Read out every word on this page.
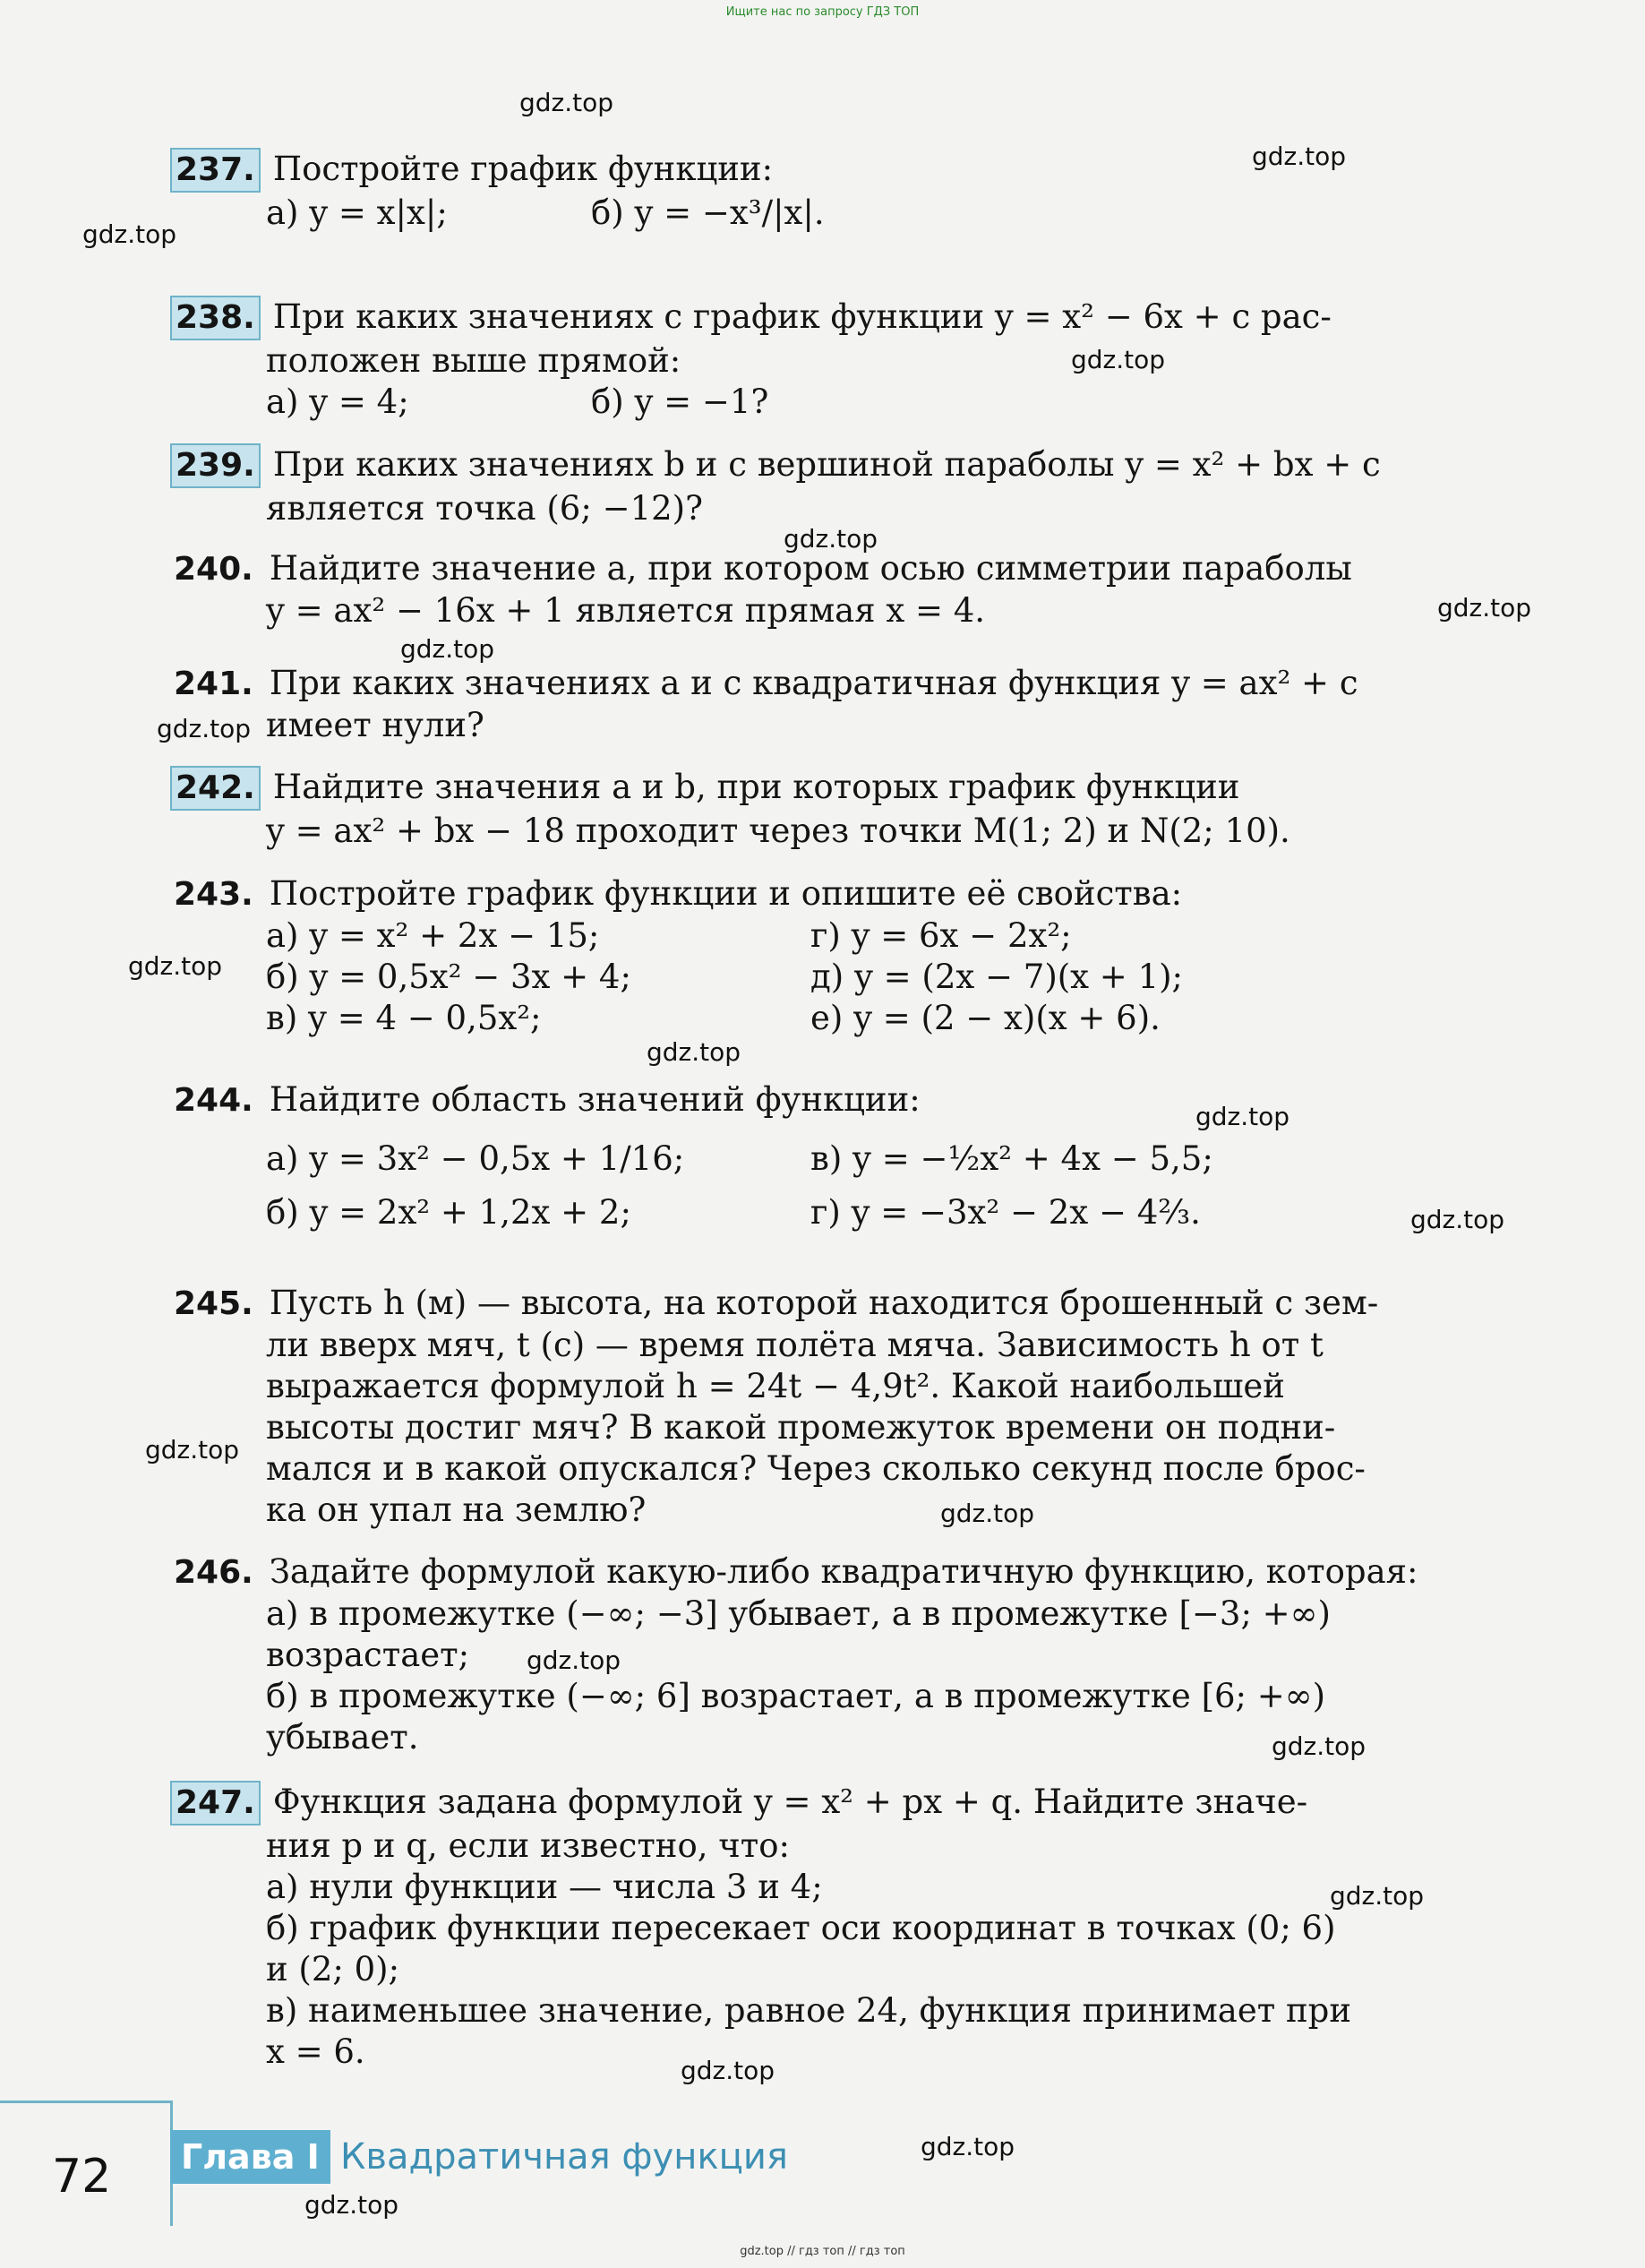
Ищите нас по запросу ГДЗ ТОП
237. Постройте график функции:
а) y = x|x|;	б) y = −x³/|x|.
238. При каких значениях c график функции y = x² − 6x + c рас-
положен выше прямой:
а) y = 4;	б) y = −1?
239. При каких значениях b и c вершиной параболы y = x² + bx + c
является точка (6; −12)?
240. Найдите значение a, при котором осью симметрии параболы
y = ax² − 16x + 1 является прямая x = 4.
241. При каких значениях a и c квадратичная функция y = ax² + c
имеет нули?
242. Найдите значения a и b, при которых график функции
y = ax² + bx − 18 проходит через точки M(1; 2) и N(2; 10).
243. Постройте график функции и опишите её свойства:
а) y = x² + 2x − 15;
б) y = 0,5x² − 3x + 4;
в) y = 4 − 0,5x²;
г) y = 6x − 2x²;
д) y = (2x − 7)(x + 1);
е) y = (2 − x)(x + 6).
244. Найдите область значений функции:
а) y = 3x² − 0,5x + 1/16;
б) y = 2x² + 1,2x + 2;
в) y = −½x² + 4x − 5,5;
г) y = −3x² − 2x − 4⅔.
245. Пусть h (м) — высота, на которой находится брошенный с зем-
ли вверх мяч, t (с) — время полёта мяча. Зависимость h от t
выражается формулой h = 24t − 4,9t². Какой наибольшей
высоты достиг мяч? В какой промежуток времени он подни-
мался и в какой опускался? Через сколько секунд после брос-
ка он упал на землю?
246. Задайте формулой какую-либо квадратичную функцию, которая:
а) в промежутке (−∞; −3] убывает, а в промежутке [−3; +∞)
возрастает;
б) в промежутке (−∞; 6] возрастает, а в промежутке [6; +∞)
убывает.
247. Функция задана формулой y = x² + px + q. Найдите значе-
ния p и q, если известно, что:
а) нули функции — числа 3 и 4;
б) график функции пересекает оси координат в точках (0; 6)
и (2; 0);
в) наименьшее значение, равное 24, функция принимает при
x = 6.
gdz.top
gdz.top
gdz.top
gdz.top
gdz.top
gdz.top
gdz.top
gdz.top
gdz.top
gdz.top
gdz.top
gdz.top
gdz.top
gdz.top
gdz.top
gdz.top
gdz.top
gdz.top
gdz.top
gdz.top
72	Глава I Квадратичная функция
gdz.top // гдз топ // гдз топ
